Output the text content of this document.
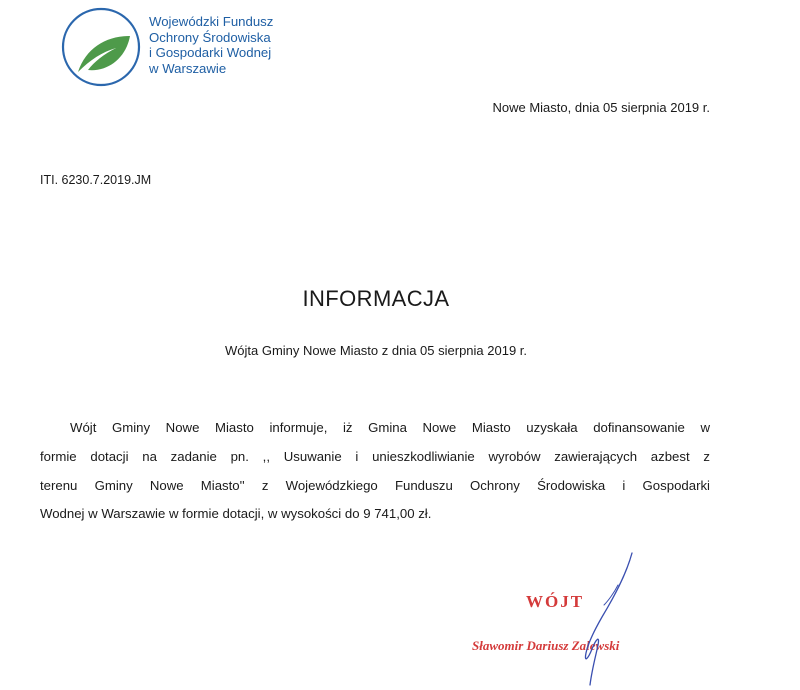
Wojewódzki Fundusz
Ochrony Środowiska
i Gospodarki Wodnej
w Warszawie
Nowe Miasto, dnia 05 sierpnia 2019 r.
ITI. 6230.7.2019.JM
INFORMACJA
Wójta Gminy Nowe Miasto z dnia 05 sierpnia 2019 r.
Wójt Gminy Nowe Miasto informuje, iż Gmina Nowe Miasto uzyskała dofinansowanie w
formie dotacji na zadanie pn. ,, Usuwanie i unieszkodliwianie wyrobów zawierających azbest z
terenu Gminy Nowe Miasto'' z Wojewódzkiego Funduszu Ochrony Środowiska i Gospodarki
Wodnej w Warszawie w formie dotacji, w wysokości do 9 741,00 zł.
WÓJT
Sławomir Dariusz Zalewski
